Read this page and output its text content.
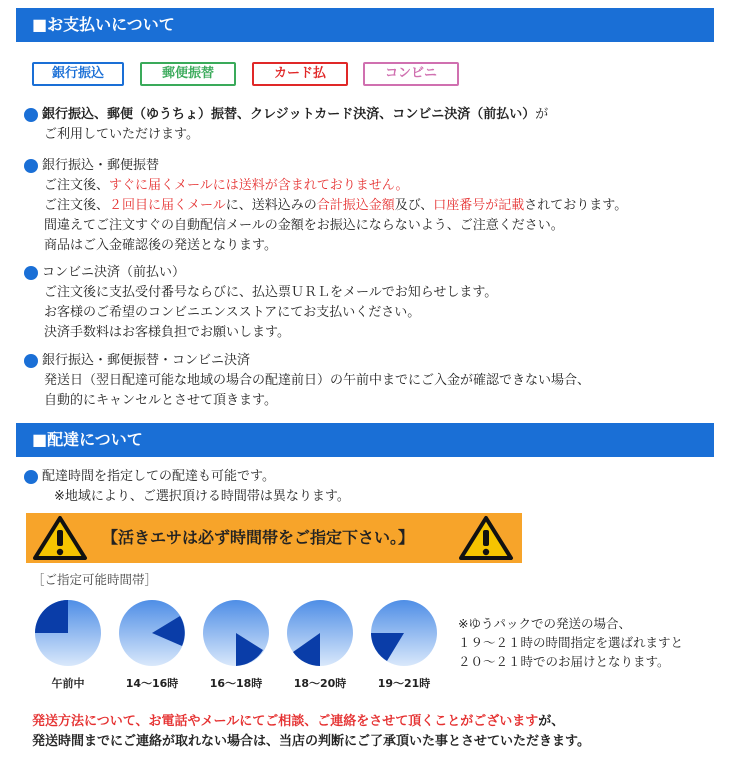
■お支払いについて
銀行振込	郵便振替	カード払	コンビニ
銀行振込、郵便（ゆうちょ）振替、クレジットカード決済、コンビニ決済（前払い）が
ご利用していただけます。
銀行振込・郵便振替
ご注文後、すぐに届くメールには送料が含まれておりません。
ご注文後、２回目に届くメールに、送料込みの合計振込金額及び、口座番号が記載されております。
間違えてご注文すぐの自動配信メールの金額をお振込にならないよう、ご注意ください。
商品はご入金確認後の発送となります。
コンビニ決済（前払い）
ご注文後に支払受付番号ならびに、払込票ＵＲＬをメールでお知らせします。
お客様のご希望のコンビニエンスストアにてお支払いください。
決済手数料はお客様負担でお願いします。
銀行振込・郵便振替・コンビニ決済
発送日（翌日配達可能な地域の場合の配達前日）の午前中までにご入金が確認できない場合、
自動的にキャンセルとさせて頂きます。
■配達について
配達時間を指定しての配達も可能です。
※地域により、ご選択頂ける時間帯は異なります。
【活きエサは必ず時間帯をご指定下さい。】
［ご指定可能時間帯］
午前中	14～16時	16～18時	18～20時	19～21時
※ゆうパックでの発送の場合、
１９～２１時の時間指定を選ばれますと
２０～２１時でのお届けとなります。
発送方法について、お電話やメールにてご相談、ご連絡をさせて頂くことがございますが、
発送時間までにご連絡が取れない場合は、当店の判断にご了承頂いた事とさせていただきます。
